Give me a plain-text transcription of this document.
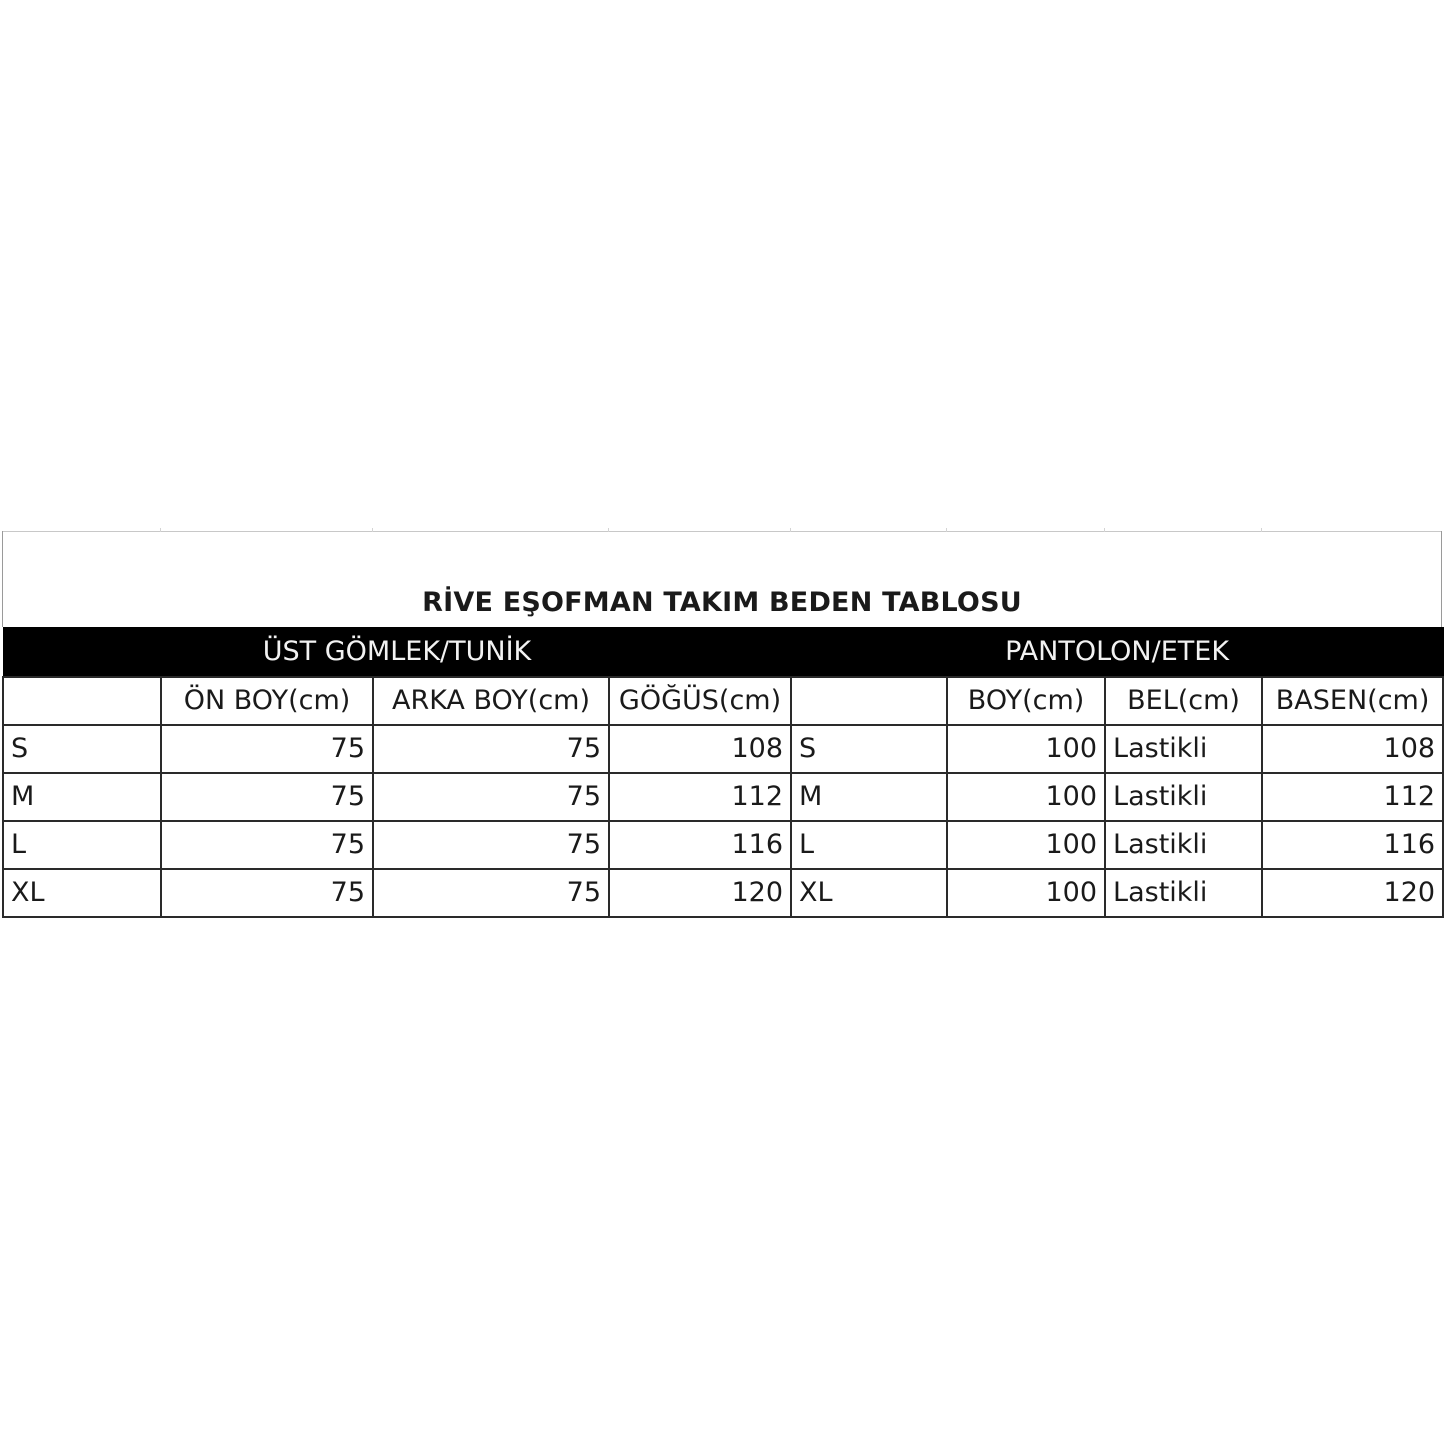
RİVE EŞOFMAN TAKIM BEDEN TABLOSU
ÜST GÖMLEK/TUNİK				PANTOLON/ETEK			
	ÖN BOY(cm)	ARKA BOY(cm)	GÖĞÜS(cm)		BOY(cm)	BEL(cm)	BASEN(cm)
S	75	75	108	S	100	Lastikli	108
M	75	75	112	M	100	Lastikli	112
L	75	75	116	L	100	Lastikli	116
XL	75	75	120	XL	100	Lastikli	120
